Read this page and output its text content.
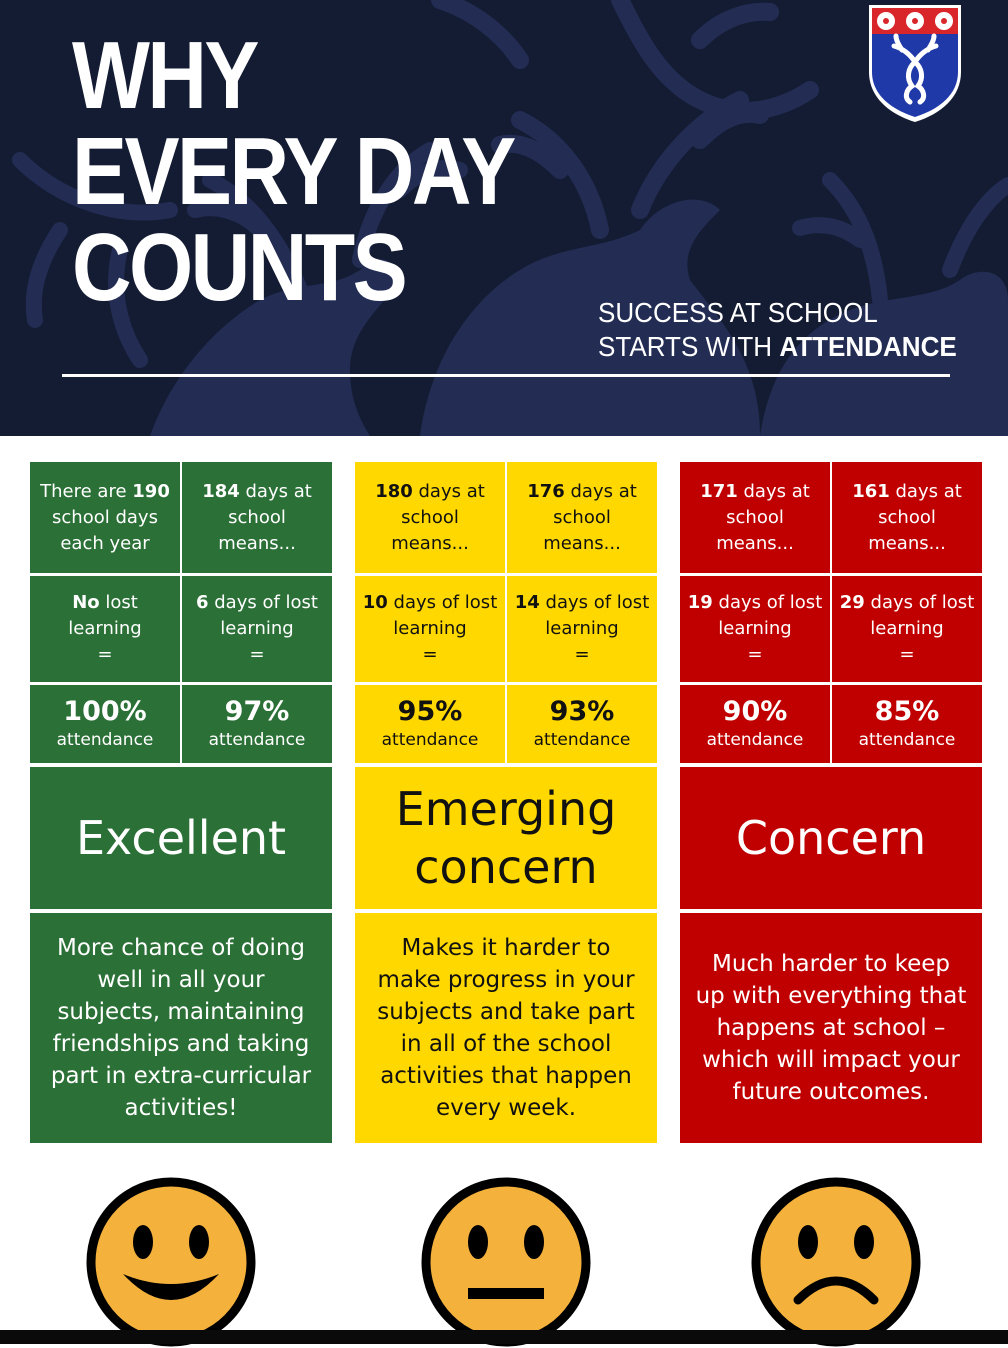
WHY
EVERY DAY
COUNTS	SUCCESS AT SCHOOL
STARTS WITH ATTENDANCE
There are 190 school days each year
184 days at school means...
No lost learning
=
6 days of lost learning
=
100%
attendance
97%
attendance
Excellent
More chance of doing well in all your subjects, maintaining friendships and taking part in extra-curricular activities!
180 days at school means...
176 days at school means...
10 days of lost learning
=
14 days of lost learning
=
95%
attendance
93%
attendance
Emerging concern
Makes it harder to make progress in your subjects and take part in all of the school activities that happen every week.
171 days at school means...
161 days at school means...
19 days of lost learning
=
29 days of lost learning
=
90%
attendance
85%
attendance
Concern
Much harder to keep up with everything that happens at school – which will impact your future outcomes.
